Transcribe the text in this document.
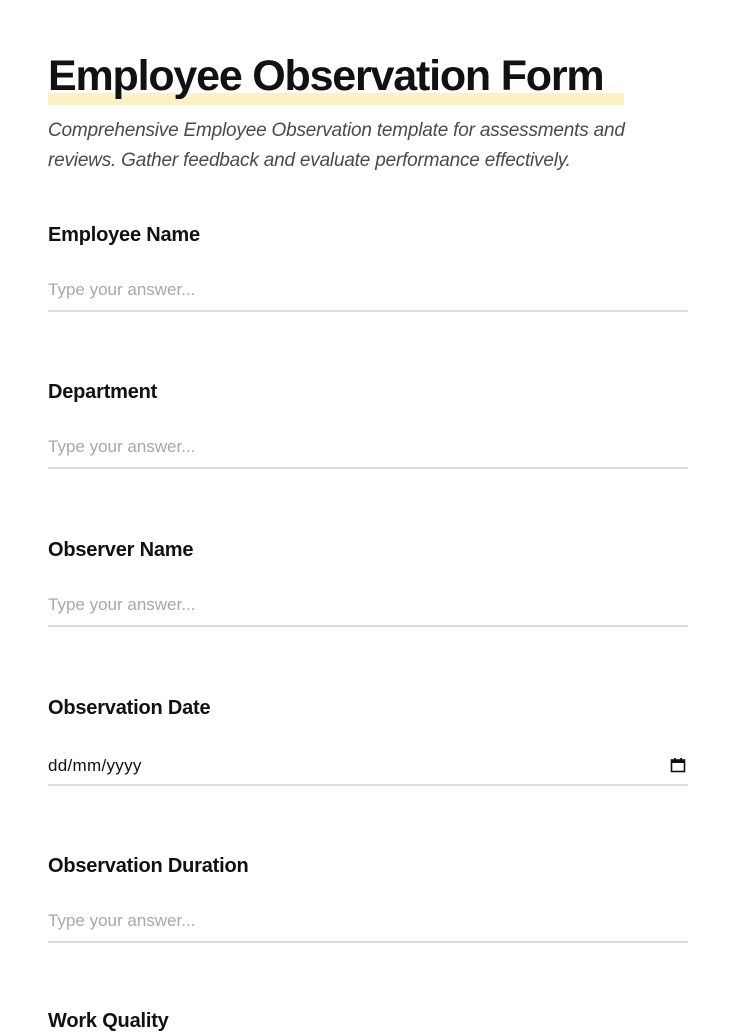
Employee Observation Form

Comprehensive Employee Observation template for assessments and reviews. Gather feedback and evaluate performance effectively.

Employee Name
Type your answer...
Department
Type your answer...
Observer Name
Type your answer...
Observation Date
dd/mm/yyyy
Observation Duration
Type your answer...
Work Quality
